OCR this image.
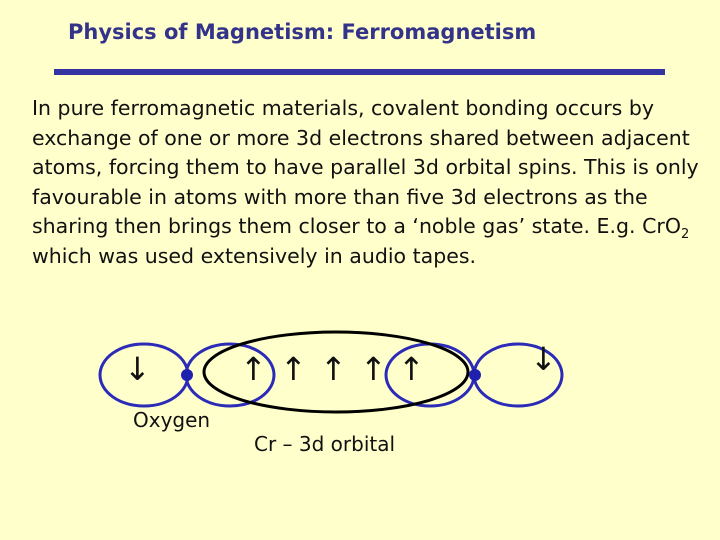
Physics of Magnetism: Ferromagnetism

In pure ferromagnetic materials, covalent bonding occurs by exchange of one or more 3d electrons shared between adjacent atoms, forcing them to have parallel 3d orbital spins. This is only favourable in atoms with more than five 3d electrons as the sharing then brings them closer to a ‘noble gas’ state. E.g. CrO$_2$ which was used extensively in audio tapes.

↓	↑ ↑ ↑ ↑ ↑	↓
Oxygen
Cr – 3d orbital
